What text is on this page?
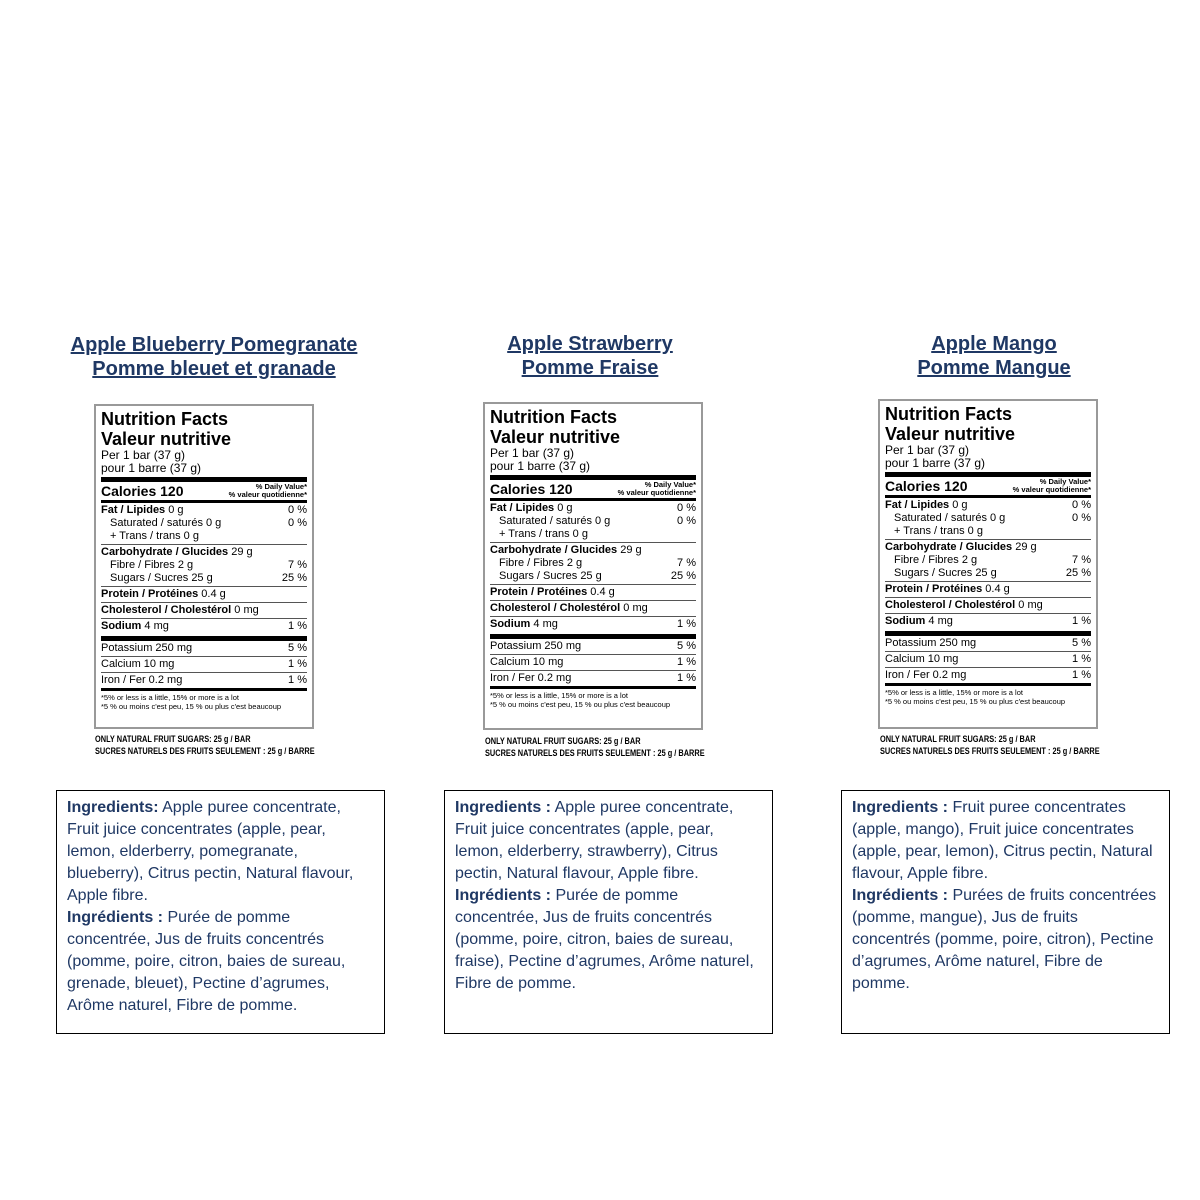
Apple Blueberry Pomegranate
Pomme bleuet et granade
Nutrition Facts
Valeur nutritive
Per 1 bar (37 g)
pour 1 barre (37 g)
Calories 120	% Daily Value*
% valeur quotidienne*
Fat / Lipides 0 g	0 %
Saturated / saturés 0 g	0 %
+ Trans / trans 0 g
Carbohydrate / Glucides 29 g
Fibre / Fibres 2 g	7 %
Sugars / Sucres 25 g	25 %
Protein / Protéines 0.4 g
Cholesterol / Cholestérol 0 mg
Sodium 4 mg	1 %
Potassium 250 mg	5 %
Calcium 10 mg	1 %
Iron / Fer 0.2 mg	1 %
*5% or less is a little, 15% or more is a lot
*5 % ou moins c'est peu, 15 % ou plus c'est beaucoup
ONLY NATURAL FRUIT SUGARS: 25 g / BAR
SUCRES NATURELS DES FRUITS SEULEMENT : 25 g / BARRE
Ingredients: Apple puree concentrate, Fruit juice concentrates (apple, pear, lemon, elderberry, pomegranate, blueberry), Citrus pectin, Natural flavour, Apple fibre.
Ingrédients : Purée de pomme concentrée, Jus de fruits concentrés (pomme, poire, citron, baies de sureau, grenade, bleuet), Pectine d’agrumes, Arôme naturel, Fibre de pomme.
Apple Strawberry
Pomme Fraise
Nutrition Facts
Valeur nutritive
Per 1 bar (37 g)
pour 1 barre (37 g)
Calories 120	% Daily Value*
% valeur quotidienne*
Fat / Lipides 0 g	0 %
Saturated / saturés 0 g	0 %
+ Trans / trans 0 g
Carbohydrate / Glucides 29 g
Fibre / Fibres 2 g	7 %
Sugars / Sucres 25 g	25 %
Protein / Protéines 0.4 g
Cholesterol / Cholestérol 0 mg
Sodium 4 mg	1 %
Potassium 250 mg	5 %
Calcium 10 mg	1 %
Iron / Fer 0.2 mg	1 %
*5% or less is a little, 15% or more is a lot
*5 % ou moins c'est peu, 15 % ou plus c'est beaucoup
ONLY NATURAL FRUIT SUGARS: 25 g / BAR
SUCRES NATURELS DES FRUITS SEULEMENT : 25 g / BARRE
Ingredients : Apple puree concentrate, Fruit juice concentrates (apple, pear, lemon, elderberry, strawberry), Citrus pectin, Natural flavour, Apple fibre.
Ingrédients : Purée de pomme concentrée, Jus de fruits concentrés (pomme, poire, citron, baies de sureau, fraise), Pectine d’agrumes, Arôme naturel, Fibre de pomme.
Apple Mango
Pomme Mangue
Nutrition Facts
Valeur nutritive
Per 1 bar (37 g)
pour 1 barre (37 g)
Calories 120	% Daily Value*
% valeur quotidienne*
Fat / Lipides 0 g	0 %
Saturated / saturés 0 g	0 %
+ Trans / trans 0 g
Carbohydrate / Glucides 29 g
Fibre / Fibres 2 g	7 %
Sugars / Sucres 25 g	25 %
Protein / Protéines 0.4 g
Cholesterol / Cholestérol 0 mg
Sodium 4 mg	1 %
Potassium 250 mg	5 %
Calcium 10 mg	1 %
Iron / Fer 0.2 mg	1 %
*5% or less is a little, 15% or more is a lot
*5 % ou moins c'est peu, 15 % ou plus c'est beaucoup
ONLY NATURAL FRUIT SUGARS: 25 g / BAR
SUCRES NATURELS DES FRUITS SEULEMENT : 25 g / BARRE
Ingredients : Fruit puree concentrates (apple, mango), Fruit juice concentrates (apple, pear, lemon), Citrus pectin, Natural flavour, Apple fibre.
Ingrédients : Purées de fruits concentrées (pomme, mangue), Jus de fruits concentrés (pomme, poire, citron), Pectine d’agrumes, Arôme naturel, Fibre de pomme.
